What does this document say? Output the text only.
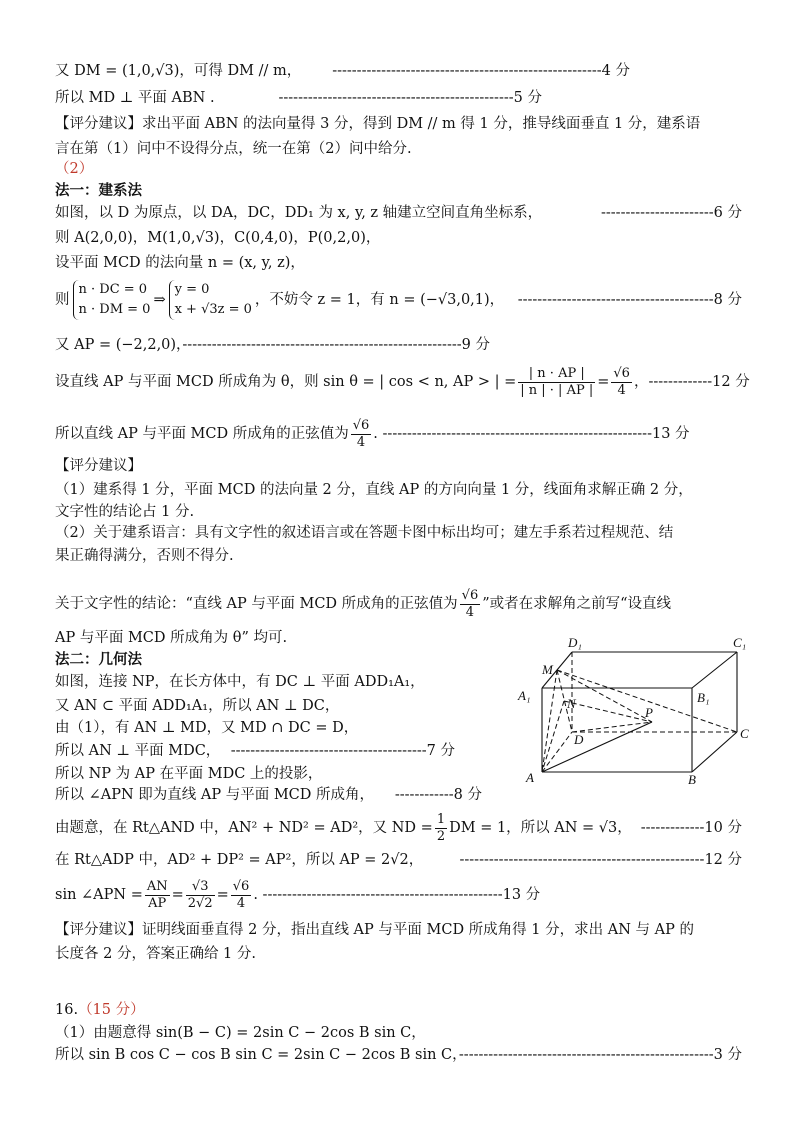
又 DM = (1,0,√3)，可得 DM // m， -------------------------------------------------------4 分
所以 MD ⊥ 平面 ABN .	------------------------------------------------5 分
【评分建议】求出平面 ABN 的法向量得 3 分，得到 DM // m 得 1 分，推导线面垂直 1 分，建系语
言在第（1）问中不设得分点，统一在第（2）问中给分.
（2）
法一：建系法
如图，以 D 为原点，以 DA，DC，DD₁ 为 x, y, z 轴建立空间直角坐标系，	-----------------------6 分
则 A(2,0,0)，M(1,0,√3)，C(0,4,0)，P(0,2,0)，
设平面 MCD 的法向量 n = (x, y, z)，
则
n · DC = 0
n · DM = 0
⇒
y = 0
x + √3z = 0
，不妨令 z = 1，有 n = (−√3,0,1)， ----------------------------------------8 分
又 AP = (−2,2,0)，
---------------------------------------------------------9 分
设直线 AP 与平面 MCD 所成角为 θ，则 sin θ = | cos < n, AP > | = $\frac{| n \cdot AP |}{| n | \cdot | AP |} = \frac{√6}{4}$ ，-------------12 分
所以直线 AP 与平面 MCD 所成角的正弦值为 $\frac{√6}{4}$ . -------------------------------------------------------13 分
【评分建议】
（1）建系得 1 分，平面 MCD 的法向量 2 分，直线 AP 的方向向量 1 分，线面角求解正确 2 分，
文字性的结论占 1 分.
（2）关于建系语言：具有文字性的叙述语言或在答题卡图中标出均可；建左手系若过程规范、结
果正确得满分，否则不得分.
关于文字性的结论：“直线 AP 与平面 MCD 所成角的正弦值为 $\frac{√6}{4}$ ”或者在求解角之前写“设直线
AP 与平面 MCD 所成角为 θ” 均可.
法二：几何法
如图，连接 NP，在长方体中，有 DC ⊥ 平面 ADD₁A₁，
又 AN ⊂ 平面 ADD₁A₁，所以 AN ⊥ DC，
由（1），有 AN ⊥ MD，又 MD ∩ DC = D，
所以 AN ⊥ 平面 MDC， ----------------------------------------7 分
所以 NP 为 AP 在平面 MDC 上的投影，
所以 ∠APN 即为直线 AP 与平面 MCD 所成角， ------------8 分
D₁	C₁
M
A₁
N	B₁
D
P
C
A	B
由题意，在 Rt△AND 中，AN² + ND² = AD²，又 ND = $\frac{1}{2}$ DM = 1，所以 AN = √3， -------------10 分
在 Rt△ADP 中，AD² + DP² = AP²，所以 AP = 2√2， --------------------------------------------------12 分
sin ∠APN = $\frac{AN}{AP} = \frac{√3}{2√2} = \frac{√6}{4}$ . -------------------------------------------------13 分
【评分建议】证明线面垂直得 2 分，指出直线 AP 与平面 MCD 所成角得 1 分，求出 AN 与 AP 的
长度各 2 分，答案正确给 1 分.
16.（15 分）
（1）由题意得 sin(B − C) = 2sin C − 2cos B sin C，
所以 sin B cos C − cos B sin C = 2sin C − 2cos B sin C，
----------------------------------------------------3 分
